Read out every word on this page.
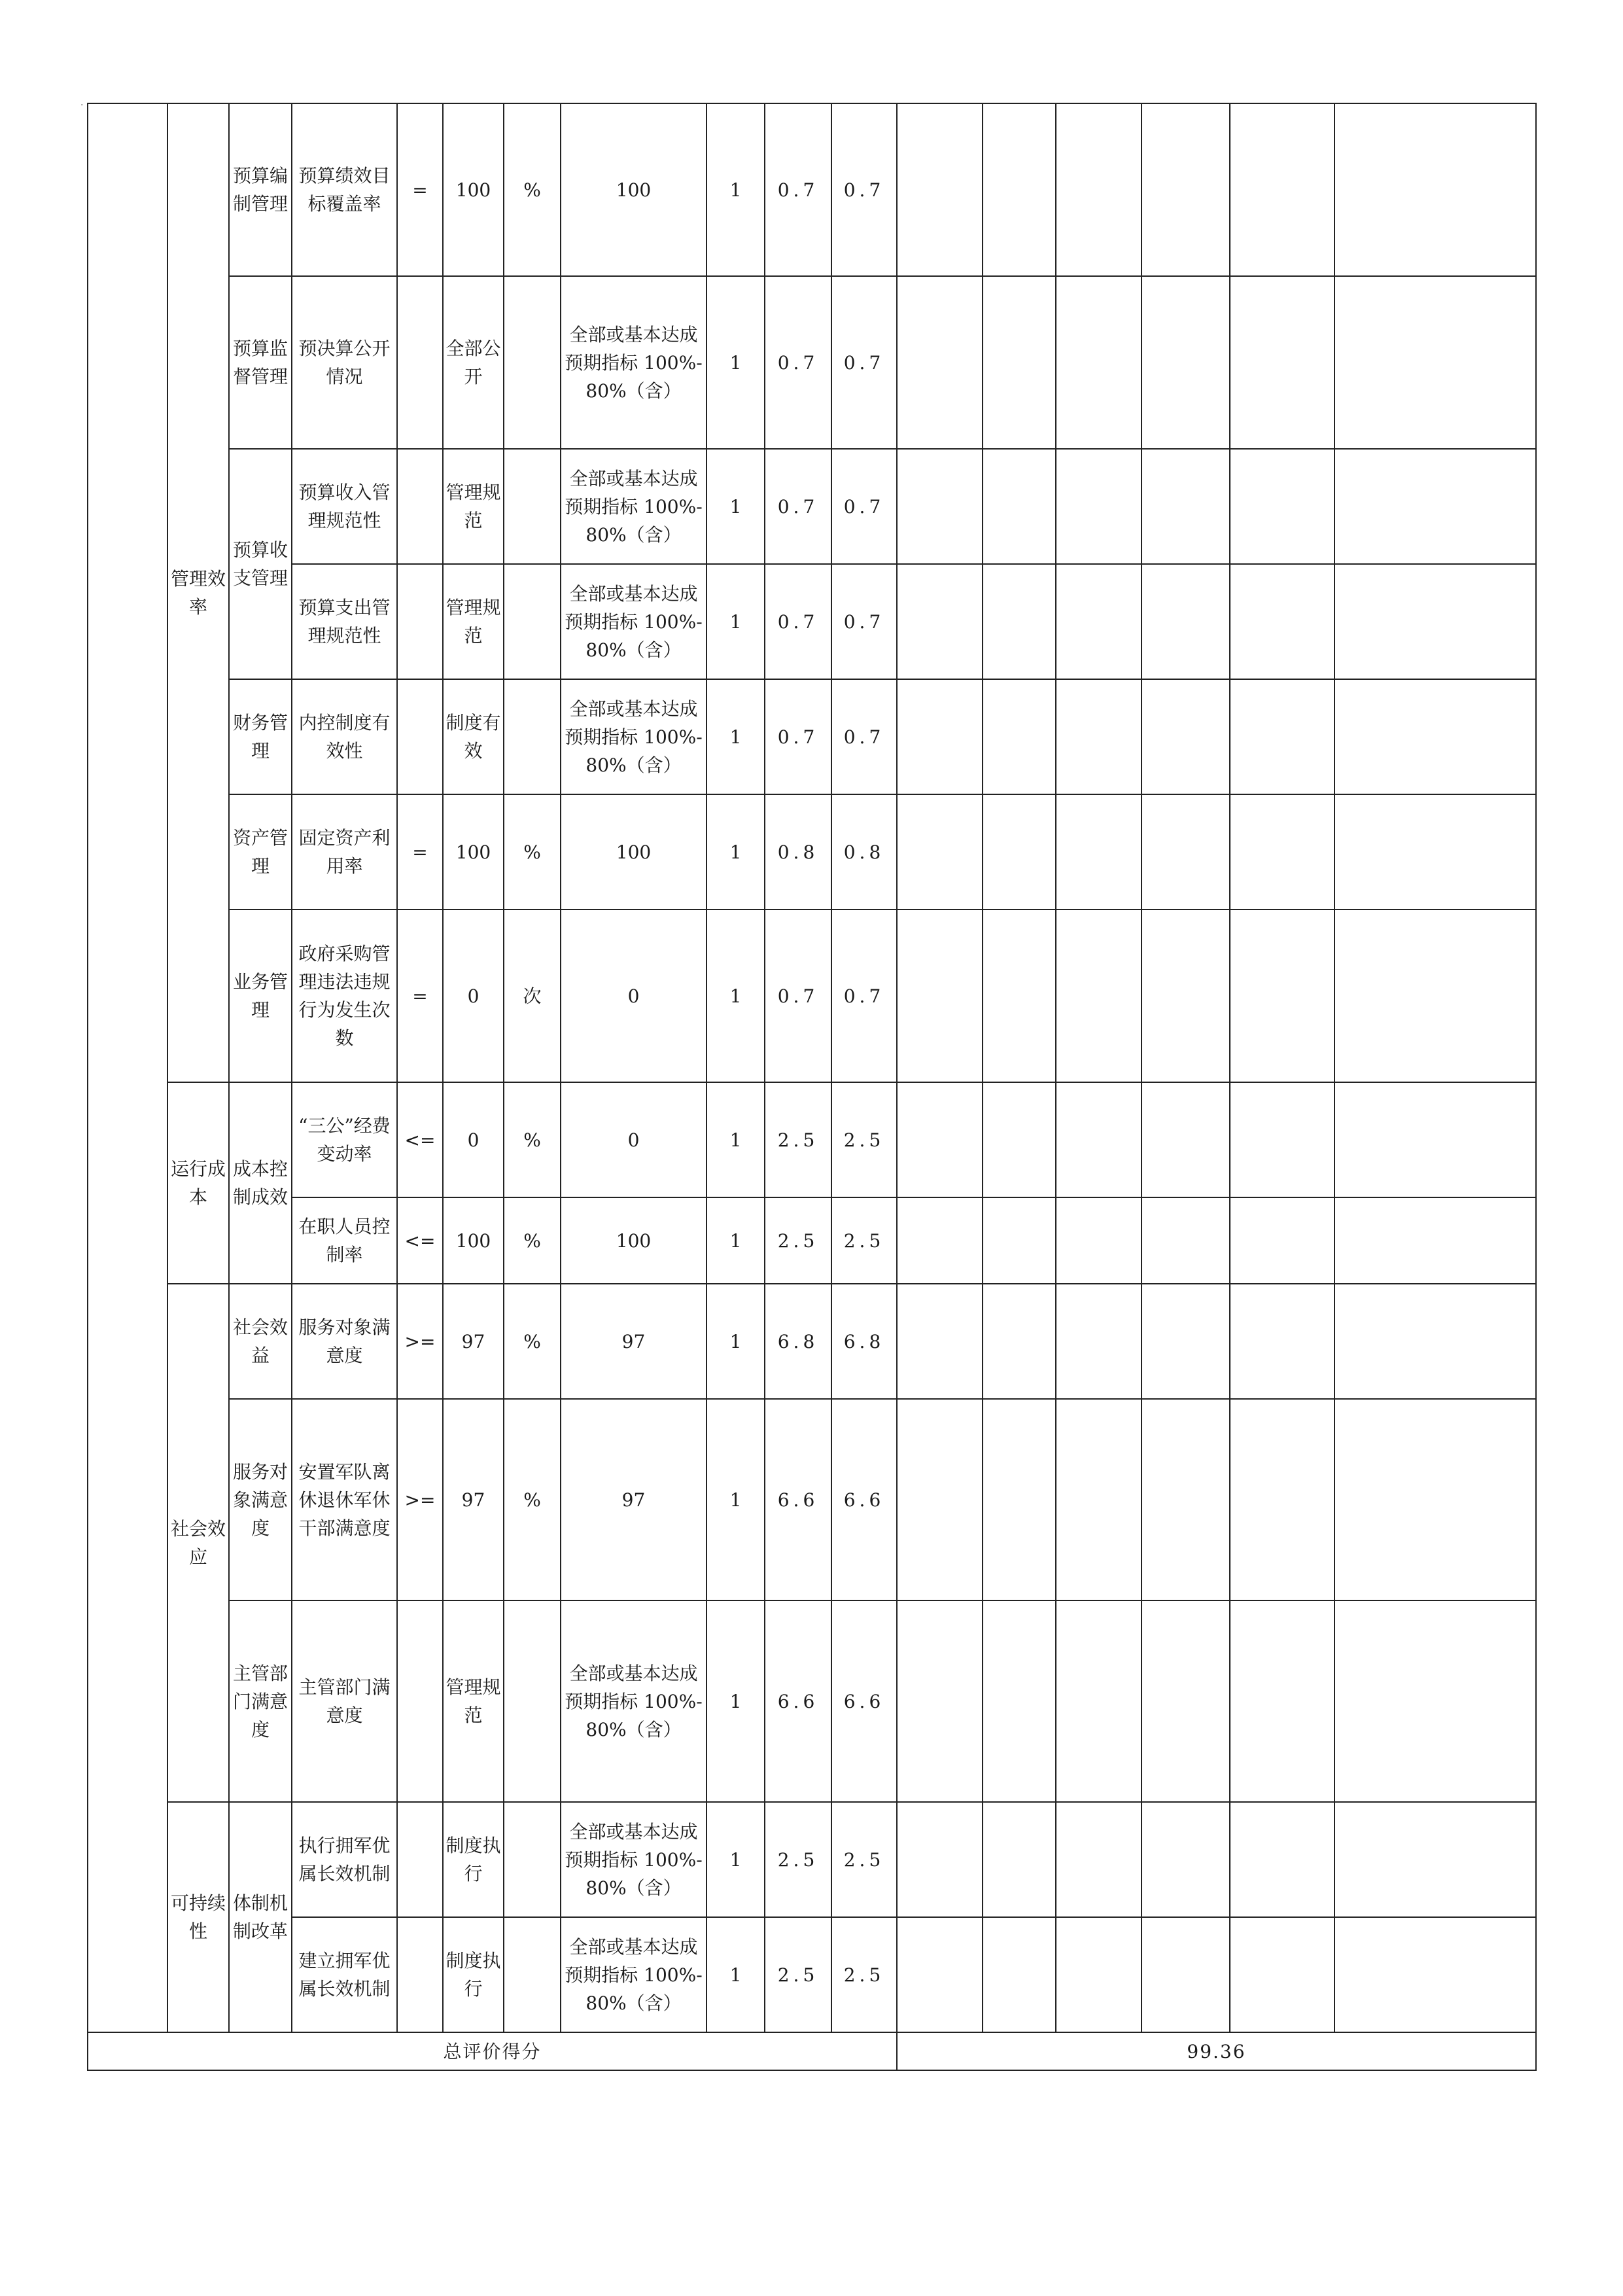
.
	管理效率	预算编制管理	预算绩效目标覆盖率	=	100	%	100	1	0.7	0.7						
		预算监督管理	预决算公开情况		全部公开		全部或基本达成预期指标 100%-80%（含）	1	0.7	0.7						
		预算收支管理	预算收入管理规范性		管理规范		全部或基本达成预期指标 100%-80%（含）	1	0.7	0.7						
			预算支出管理规范性		管理规范		全部或基本达成预期指标 100%-80%（含）	1	0.7	0.7						
		财务管理	内控制度有效性		制度有效		全部或基本达成预期指标 100%-80%（含）	1	0.7	0.7						
		资产管理	固定资产利用率	=	100	%	100	1	0.8	0.8						
		业务管理	政府采购管理违法违规行为发生次数	=	0	次	0	1	0.7	0.7						
	运行成本	成本控制成效	“三公”经费变动率	<=	0	%	0	1	2.5	2.5						
			在职人员控制率	<=	100	%	100	1	2.5	2.5						
	社会效应	社会效益	服务对象满意度	>=	97	%	97	1	6.8	6.8						
		服务对象满意度	安置军队离休退休军休干部满意度	>=	97	%	97	1	6.6	6.6						
		主管部门满意度	主管部门满意度		管理规范		全部或基本达成预期指标 100%-80%（含）	1	6.6	6.6						
	可持续性	体制机制改革	执行拥军优属长效机制		制度执行		全部或基本达成预期指标 100%-80%（含）	1	2.5	2.5						
			建立拥军优属长效机制		制度执行		全部或基本达成预期指标 100%-80%（含）	1	2.5	2.5						
总评价得分											99.36					
